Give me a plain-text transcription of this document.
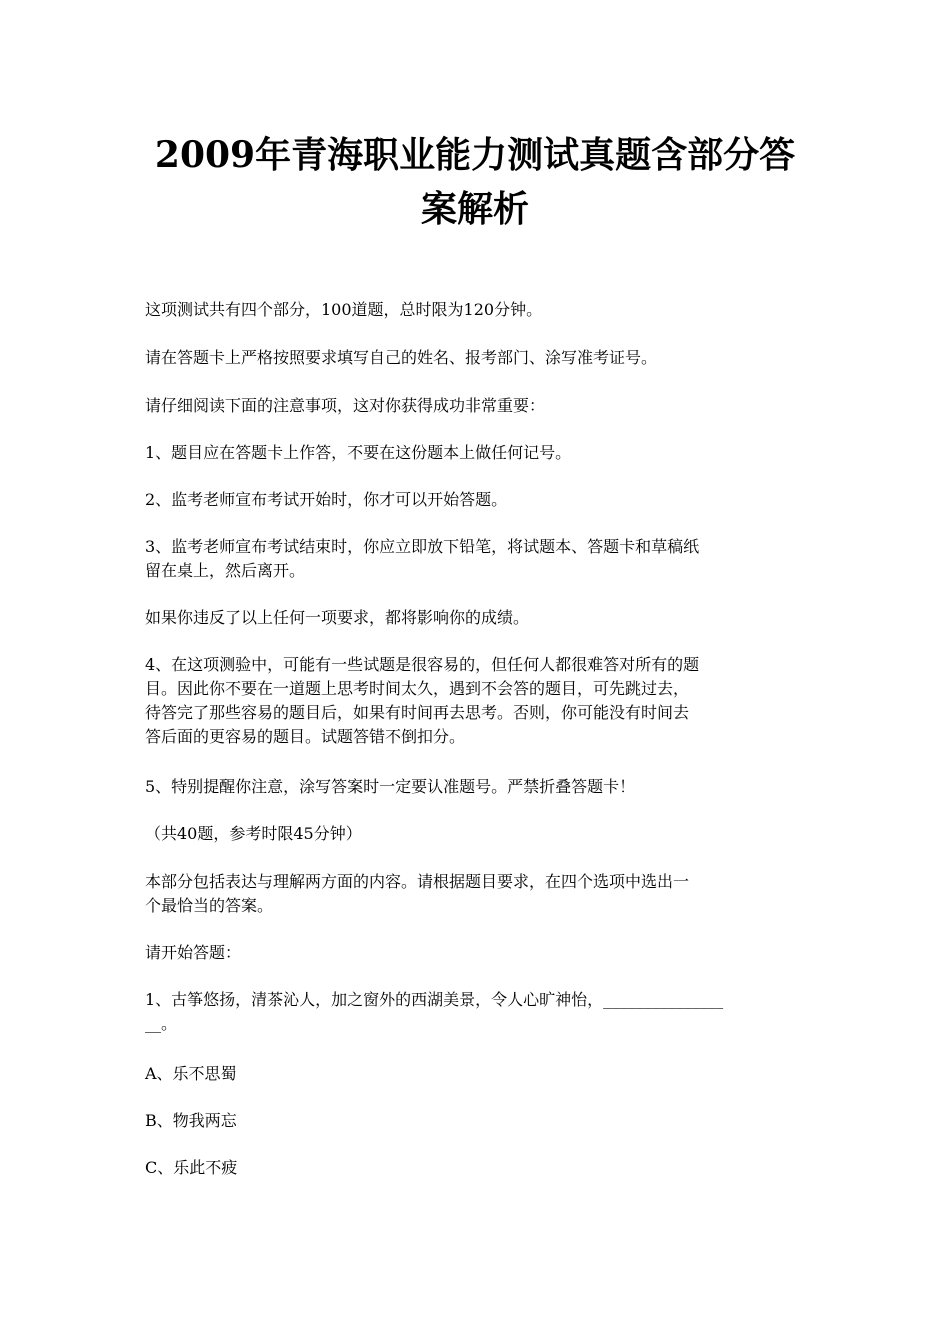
2009年青海职业能力测试真题含部分答
案解析

这项测试共有四个部分，100道题，总时限为120分钟。

请在答题卡上严格按照要求填写自己的姓名、报考部门、涂写准考证号。

请仔细阅读下面的注意事项，这对你获得成功非常重要：

1、题目应在答题卡上作答，不要在这份题本上做任何记号。

2、监考老师宣布考试开始时，你才可以开始答题。

3、监考老师宣布考试结束时，你应立即放下铅笔，将试题本、答题卡和草稿纸
留在桌上，然后离开。

如果你违反了以上任何一项要求，都将影响你的成绩。

4、在这项测验中，可能有一些试题是很容易的，但任何人都很难答对所有的题
目。因此你不要在一道题上思考时间太久，遇到不会答的题目，可先跳过去，
待答完了那些容易的题目后，如果有时间再去思考。否则，你可能没有时间去
答后面的更容易的题目。试题答错不倒扣分。

5、特别提醒你注意，涂写答案时一定要认准题号。严禁折叠答题卡！

（共40题，参考时限45分钟）

本部分包括表达与理解两方面的内容。请根据题目要求，在四个选项中选出一
个最恰当的答案。

请开始答题：

1、古筝悠扬，清茶沁人，加之窗外的西湖美景，令人心旷神怡，_______________
__。

A、乐不思蜀

B、物我两忘

C、乐此不疲
